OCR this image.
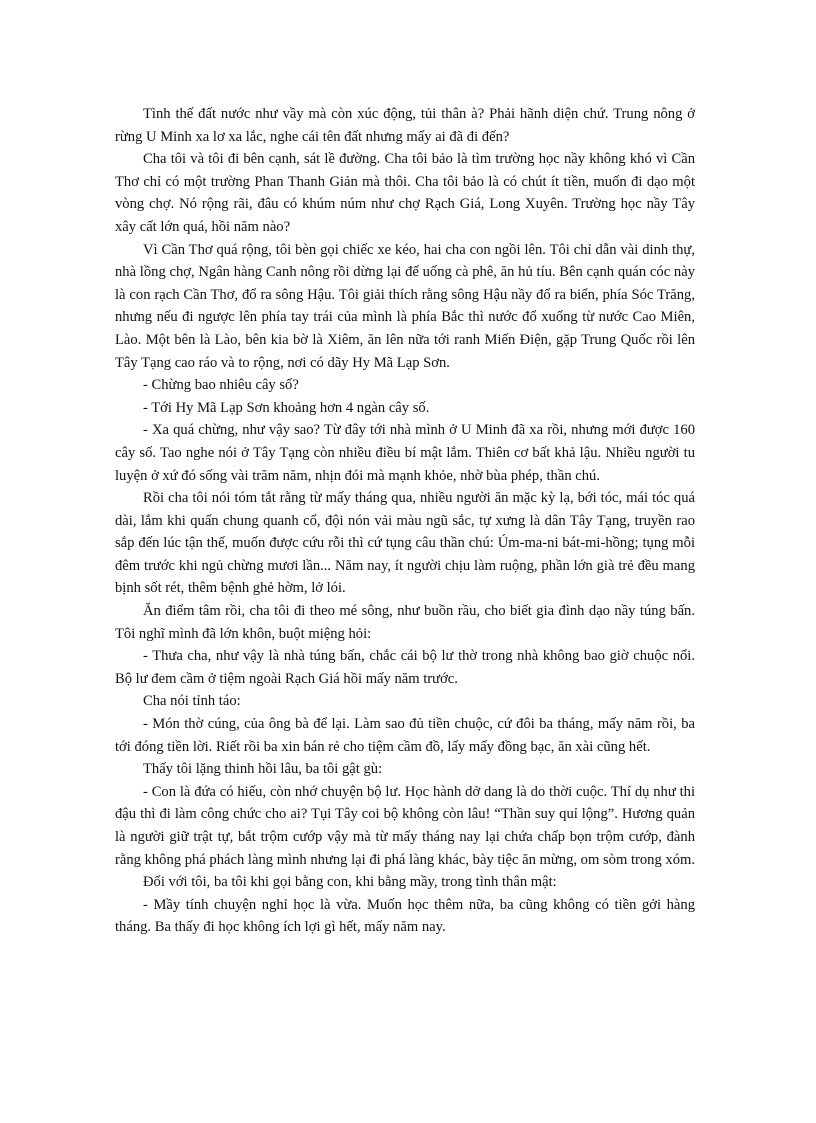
Tình thế đất nước như vầy mà còn xúc động, tủi thân à? Phải hãnh diện chứ. Trung nông ở rừng U Minh xa lơ xa lắc, nghe cái tên đất nhưng mấy ai đã đi đến?

Cha tôi và tôi đi bên cạnh, sát lề đường. Cha tôi bảo là tìm trường học nầy không khó vì Cần Thơ chỉ có một trường Phan Thanh Giản mà thôi. Cha tôi bảo là có chút ít tiền, muốn đi dạo một vòng chợ. Nó rộng rãi, đâu có khúm núm như chợ Rạch Giá, Long Xuyên. Trường học nầy Tây xây cất lớn quá, hồi năm nào?

Vì Cần Thơ quá rộng, tôi bèn gọi chiếc xe kéo, hai cha con ngồi lên. Tôi chỉ dẫn vài dinh thự, nhà lồng chợ, Ngân hàng Canh nông rồi dừng lại để uống cà phê, ăn hủ tíu. Bên cạnh quán cóc này là con rạch Cần Thơ, đổ ra sông Hậu. Tôi giải thích rằng sông Hậu nầy đổ ra biển, phía Sóc Trăng, nhưng nếu đi ngược lên phía tay trái của mình là phía Bắc thì nước đổ xuống từ nước Cao Miên, Lào. Một bên là Lào, bên kia bờ là Xiêm, ăn lên nữa tới ranh Miến Điện, gặp Trung Quốc rồi lên Tây Tạng cao ráo và to rộng, nơi có dãy Hy Mã Lạp Sơn.

- Chừng bao nhiêu cây số?

- Tới Hy Mã Lạp Sơn khoảng hơn 4 ngàn cây số.

- Xa quá chừng, như vậy sao? Từ đây tới nhà mình ở U Minh đã xa rồi, nhưng mới được 160 cây số. Tao nghe nói ở Tây Tạng còn nhiều điều bí mật lắm. Thiên cơ bất khả lậu. Nhiều người tu luyện ở xứ đó sống vài trăm năm, nhịn đói mà mạnh khỏe, nhờ bùa phép, thần chú.

Rồi cha tôi nói tóm tắt rằng từ mấy tháng qua, nhiều người ăn mặc kỳ lạ, bới tóc, mái tóc quá dài, lắm khi quấn chung quanh cổ, đội nón vải màu ngũ sắc, tự xưng là dân Tây Tạng, truyền rao sắp đến lúc tận thế, muốn được cứu rỗi thì cứ tụng câu thần chú: Úm-ma-ni bát-mi-hồng; tụng mỗi đêm trước khi ngủ chừng mươi lần... Năm nay, ít người chịu làm ruộng, phần lớn già trẻ đều mang bịnh sốt rét, thêm bệnh ghẻ hờm, lở lói.

Ăn điểm tâm rồi, cha tôi đi theo mé sông, như buồn rầu, cho biết gia đình dạo nầy túng bấn. Tôi nghĩ mình đã lớn khôn, buột miệng hỏi:

- Thưa cha, như vậy là nhà túng bấn, chắc cái bộ lư thờ trong nhà không bao giờ chuộc nổi. Bộ lư đem cầm ở tiệm ngoài Rạch Giá hồi mấy năm trước.

Cha nói tỉnh táo:

- Món thờ cúng, của ông bà để lại. Làm sao đủ tiền chuộc, cứ đôi ba tháng, mấy năm rồi, ba tới đóng tiền lời. Riết rồi ba xin bán rẻ cho tiệm cầm đồ, lấy mấy đồng bạc, ăn xài cũng hết.

Thấy tôi lặng thinh hồi lâu, ba tôi gật gù:

- Con là đứa có hiếu, còn nhớ chuyện bộ lư. Học hành dở dang là do thời cuộc. Thí dụ như thi đậu thì đi làm công chức cho ai? Tụi Tây coi bộ không còn lâu! “Thần suy quỉ lộng”. Hương quản là người giữ trật tự, bắt trộm cướp vậy mà từ mấy tháng nay lại chứa chấp bọn trộm cướp, đành rằng không phá phách làng mình nhưng lại đi phá làng khác, bày tiệc ăn mừng, om sòm trong xóm.

Đối với tôi, ba tôi khi gọi bằng con, khi bằng mầy, trong tình thân mật:

- Mầy tính chuyện nghỉ học là vừa. Muốn học thêm nữa, ba cũng không có tiền gởi hàng tháng. Ba thấy đi học không ích lợi gì hết, mấy năm nay.
